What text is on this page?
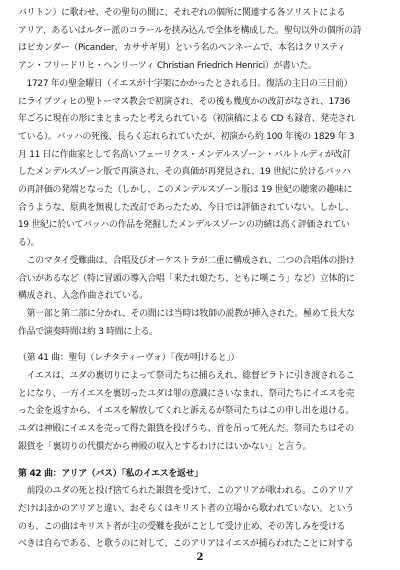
バリトン）に歌わせ、その聖句の間に、それぞれの個所に関連する各ソリストによる

アリア、あるいはルター派のコラールを挟み込んで全体を構成した。聖句以外の個所の詩

はピカンダー（Picander、カササギ男）という名のペンネームで、本名はクリスティ

アン・フリードリヒ・ヘンリーツィ Christian Friedrich Henrici）が書いた。

　1727 年の聖金曜日（イエスが十字架にかかったとされる日。復活の主日の三日前）

にライプツィヒの聖トーマス教会で初演され、その後も幾度かの改訂がなされ、1736

年ごろに現在の形にまとまったと考えられている（初演稿による CD も録音、発売され

ている）。バッハの死後、長らく忘れられていたが、初演から約 100 年後の 1829 年 3

月 11 日に作曲家として名高いフェーリクス・メンデルスゾーン・バルトルディが改訂

したメンデルスゾーン版で再演され、その真価が再発見され、19 世紀に於けるバッハ

の再評価の発端となった（しかし、このメンデルスゾーン版は 19 世紀の聴衆の趣味に

合うような、原典を無視した改訂であったため、今日では評価されていない。しかし、

19 世紀に於いてバッハの作品を発掘したメンデルスゾーンの功績は高く評価されてい

る）。

　このマタイ受難曲は、合唱及びオーケストラが二重に構成され、二つの合唱体の掛け

合いがあるなど（特に冒頭の導入合唱「来たれ娘たち、ともに嘆こう」など）立体的に

構成され、入念作曲されている。

　第一部と第二部に分かれ、その間には当時は牧師の説教が挿入された。極めて長大な

作品で演奏時間は約 3 時間に上る。

（第 41 曲：聖句（レチタティーヴォ）「夜が明けると」）

　イエスは、ユダの裏切りによって祭司たちに捕らえれ、総督ピラトに引き渡されるこ

とになり、一方イエスを裏切ったユダは罪の意識にさいなまれ、祭司たちにイエスを売

った金を返すから、イエスを解放してくれと訴えるが祭司たちはこの申し出を退ける。

ユダは神殿にイエスを売って得た銀貨を投げうち、首を吊って死んだ。祭司たちはその

銀貨を「裏切りの代償だから神殿の収入とするわけにはいかない」と言う。

第 42 曲：アリア（バス）「私のイエスを返せ」

　前段のユダの死と投げ捨てられた銀貨を受けて、このアリアが歌われる。このアリア

だけはほかのアリアと違い、おそらくはキリスト者の立場から歌われていない。という

のも、この曲はキリスト者が主の受難を我がことして受け止め、その苦しみを受ける

べきは自らである、と歌うのに対して、このアリアはイエスが捕らわれたことに対する

2
